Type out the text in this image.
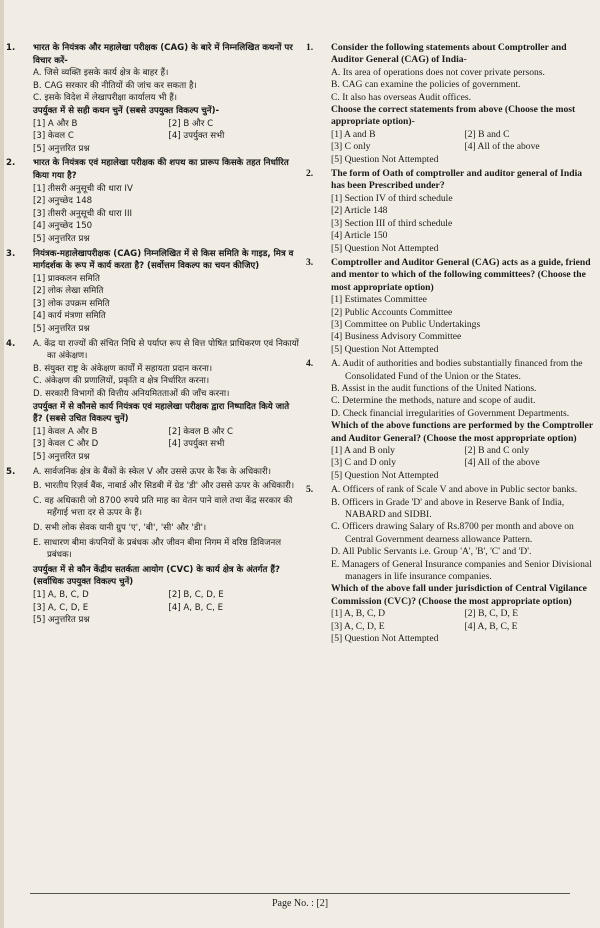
1. भारत के नियंत्रक और महालेखा परीक्षक (CAG) के बारे में निम्नलिखित कथनों पर विचार करें-
A. जिसे व्यक्ति इसके कार्य क्षेत्र के बाहर हैं।
B. CAG सरकार की नीतियों की जांच कर सकता है।
C. इसके विदेश में लेखापरीक्षा कार्यालय भी हैं।
उपर्युक्त में से सही कथन चुनें (सबसे उपयुक्त विकल्प चुनें)-
[1] A और B	[2] B और C
[3] केवल C	[4] उपर्युक्त सभी
[5] अनुत्तरित प्रश्न
2. भारत के नियंत्रक एवं महालेखा परीक्षक की शपथ का प्रारूप किसके तहत निर्धारित किया गया है?
[1] तीसरी अनुसूची की धारा IV
[2] अनुच्छेद 148
[3] तीसरी अनुसूची की धारा III
[4] अनुच्छेद 150
[5] अनुत्तरित प्रश्न
3. नियंत्रक-महालेखापरीक्षक (CAG) निम्नलिखित में से किस समिति के गाइड, मित्र व मार्गदर्शक के रूप में कार्य करता है? (सर्वोत्तम विकल्प का चयन कीजिए)
[1] प्राक्कलन समिति
[2] लोक लेखा समिति
[3] लोक उपक्रम समिति
[4] कार्य मंत्रणा समिति
[5] अनुत्तरित प्रश्न
4. A. केंद्र या राज्यों की संचित निधि से पर्याप्त रूप से वित्त पोषित प्राधिकरण एवं निकायों का अंकेक्षण।
B. संयुक्त राष्ट्र के अंकेक्षण कार्यों में सहायता प्रदान करना।
C. अंकेक्षण की प्रणालियों, प्रकृति व क्षेत्र निर्धारित करना।
D. सरकारी विभागों की वित्तीय अनियमितताओं की जाँच करना।
उपर्युक्त में से कौनसे कार्य नियंत्रक एवं महालेखा परीक्षक द्वारा निष्पादित किये जाते हैं? (सबसे उचित विकल्प चुनें)
[1] केवल A और B	[2] केवल B और C
[3] केवल C और D	[4] उपर्युक्त सभी
[5] अनुत्तरित प्रश्न
5. A. सार्वजनिक क्षेत्र के बैंकों के स्केल V और उससे ऊपर के रैंक के अधिकारी।
B. भारतीय रिज़र्व बैंक, नाबार्ड और सिडबी में ग्रेड 'डी' और उससे ऊपर के अधिकारी।
C. वह अधिकारी जो 8700 रुपये प्रति माह का वेतन पाने वाले तथा केंद्र सरकार की महँगाई भत्ता दर से ऊपर के हैं।
D. सभी लोक सेवक यानी ग्रुप 'ए', 'बी', 'सी' और 'डी'।
E. साधारण बीमा कंपनियों के प्रबंधक और जीवन बीमा निगम में वरिष्ठ डिविजनल प्रबंधक।
उपर्युक्त में से कौन केंद्रीय सतर्कता आयोग (CVC) के कार्य क्षेत्र के अंतर्गत हैं? (सर्वाधिक उपयुक्त विकल्प चुनें)
[1] A, B, C, D	[2] B, C, D, E
[3] A, C, D, E	[4] A, B, C, E
[5] अनुत्तरित प्रश्न
1. Consider the following statements about Comptroller and Auditor General (CAG) of India-
A. Its area of operations does not cover private persons.
B. CAG can examine the policies of government.
C. It also has overseas Audit offices.
Choose the correct statements from above (Choose the most appropriate option)-
[1] A and B	[2] B and C
[3] C only	[4] All of the above
[5] Question Not Attempted
2. The form of Oath of comptroller and auditor general of India has been Prescribed under?
[1] Section IV of third schedule
[2] Article 148
[3] Section III of third schedule
[4] Article 150
[5] Question Not Attempted
3. Comptroller and Auditor General (CAG) acts as a guide, friend and mentor to which of the following committees? (Choose the most appropriate option)
[1] Estimates Committee
[2] Public Accounts Committee
[3] Committee on Public Undertakings
[4] Business Advisory Committee
[5] Question Not Attempted
4. A. Audit of authorities and bodies substantially financed from the Consolidated Fund of the Union or the States.
B. Assist in the audit functions of the United Nations.
C. Determine the methods, nature and scope of audit.
D. Check financial irregularities of Government Departments.
Which of the above functions are performed by the Comptroller and Auditor General? (Choose the most appropriate option)
[1] A and B only	[2] B and C only
[3] C and D only	[4] All of the above
[5] Question Not Attempted
5. A. Officers of rank of Scale V and above in Public sector banks.
B. Officers in Grade 'D' and above in Reserve Bank of India, NABARD and SIDBI.
C. Officers drawing Salary of Rs.8700 per month and above on Central Government dearness allowance Pattern.
D. All Public Servants i.e. Group 'A', 'B', 'C' and 'D'.
E. Managers of General Insurance companies and Senior Divisional managers in life insurance companies.
Which of the above fall under jurisdiction of Central Vigilance Commission (CVC)? (Choose the most appropriate option)
[1] A, B, C, D	[2] B, C, D, E
[3] A, C, D, E	[4] A, B, C, E
[5] Question Not Attempted
Page No. : [2]
